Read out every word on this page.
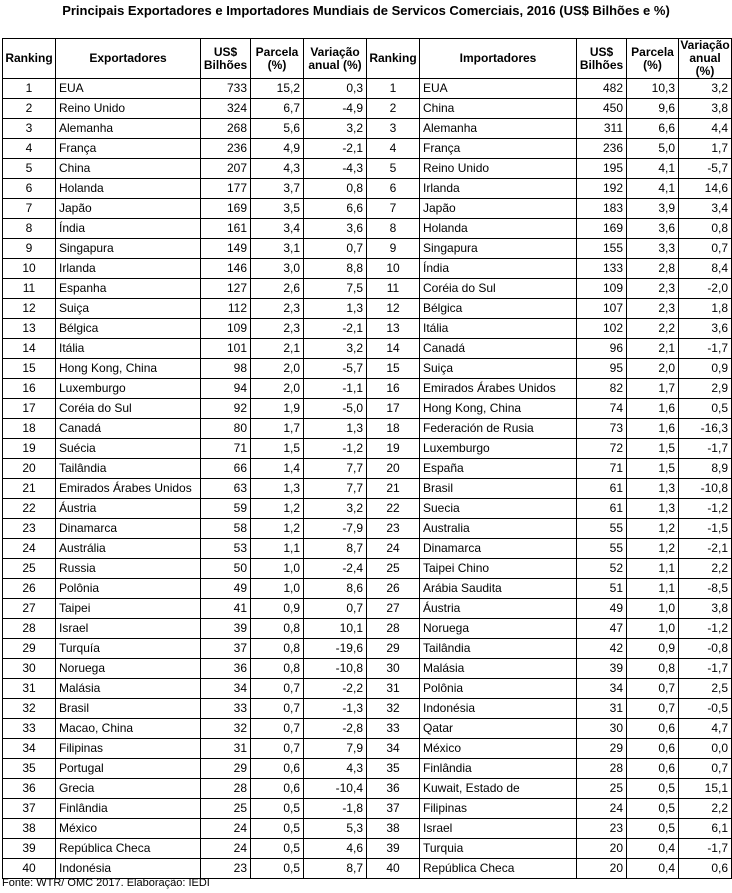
Principais Exportadores e Importadores Mundiais de Servicos Comerciais, 2016 (US$ Bilhões e %)
Ranking	Exportadores	US$ Bilhões	Parcela (%)	Variação anual (%)	Ranking	Importadores	US$ Bilhões	Parcela (%)	Variação anual (%)
1	EUA	733	15,2	0,3	1	EUA	482	10,3	3,2
2	Reino Unido	324	6,7	-4,9	2	China	450	9,6	3,8
3	Alemanha	268	5,6	3,2	3	Alemanha	311	6,6	4,4
4	França	236	4,9	-2,1	4	França	236	5,0	1,7
5	China	207	4,3	-4,3	5	Reino Unido	195	4,1	-5,7
6	Holanda	177	3,7	0,8	6	Irlanda	192	4,1	14,6
7	Japão	169	3,5	6,6	7	Japão	183	3,9	3,4
8	Índia	161	3,4	3,6	8	Holanda	169	3,6	0,8
9	Singapura	149	3,1	0,7	9	Singapura	155	3,3	0,7
10	Irlanda	146	3,0	8,8	10	Índia	133	2,8	8,4
11	Espanha	127	2,6	7,5	11	Coréia do Sul	109	2,3	-2,0
12	Suiça	112	2,3	1,3	12	Bélgica	107	2,3	1,8
13	Bélgica	109	2,3	-2,1	13	Itália	102	2,2	3,6
14	Itália	101	2,1	3,2	14	Canadá	96	2,1	-1,7
15	Hong Kong, China	98	2,0	-5,7	15	Suiça	95	2,0	0,9
16	Luxemburgo	94	2,0	-1,1	16	Emirados Árabes Unidos	82	1,7	2,9
17	Coréia do Sul	92	1,9	-5,0	17	Hong Kong, China	74	1,6	0,5
18	Canadá	80	1,7	1,3	18	Federación de Rusia	73	1,6	-16,3
19	Suécia	71	1,5	-1,2	19	Luxemburgo	72	1,5	-1,7
20	Tailândia	66	1,4	7,7	20	España	71	1,5	8,9
21	Emirados Árabes Unidos	63	1,3	7,7	21	Brasil	61	1,3	-10,8
22	Áustria	59	1,2	3,2	22	Suecia	61	1,3	-1,2
23	Dinamarca	58	1,2	-7,9	23	Australia	55	1,2	-1,5
24	Austrália	53	1,1	8,7	24	Dinamarca	55	1,2	-2,1
25	Russia	50	1,0	-2,4	25	Taipei Chino	52	1,1	2,2
26	Polônia	49	1,0	8,6	26	Arábia Saudita	51	1,1	-8,5
27	Taipei	41	0,9	0,7	27	Áustria	49	1,0	3,8
28	Israel	39	0,8	10,1	28	Noruega	47	1,0	-1,2
29	Turquía	37	0,8	-19,6	29	Tailândia	42	0,9	-0,8
30	Noruega	36	0,8	-10,8	30	Malásia	39	0,8	-1,7
31	Malásia	34	0,7	-2,2	31	Polônia	34	0,7	2,5
32	Brasil	33	0,7	-1,3	32	Indonésia	31	0,7	-0,5
33	Macao, China	32	0,7	-2,8	33	Qatar	30	0,6	4,7
34	Filipinas	31	0,7	7,9	34	México	29	0,6	0,0
35	Portugal	29	0,6	4,3	35	Finlândia	28	0,6	0,7
36	Grecia	28	0,6	-10,4	36	Kuwait, Estado de	25	0,5	15,1
37	Finlândia	25	0,5	-1,8	37	Filipinas	24	0,5	2,2
38	México	24	0,5	5,3	38	Israel	23	0,5	6,1
39	República Checa	24	0,5	4,6	39	Turquia	20	0,4	-1,7
40	Indonésia	23	0,5	8,7	40	República Checa	20	0,4	0,6
Fonte: WTR/ OMC 2017. Elaboração: IEDI
